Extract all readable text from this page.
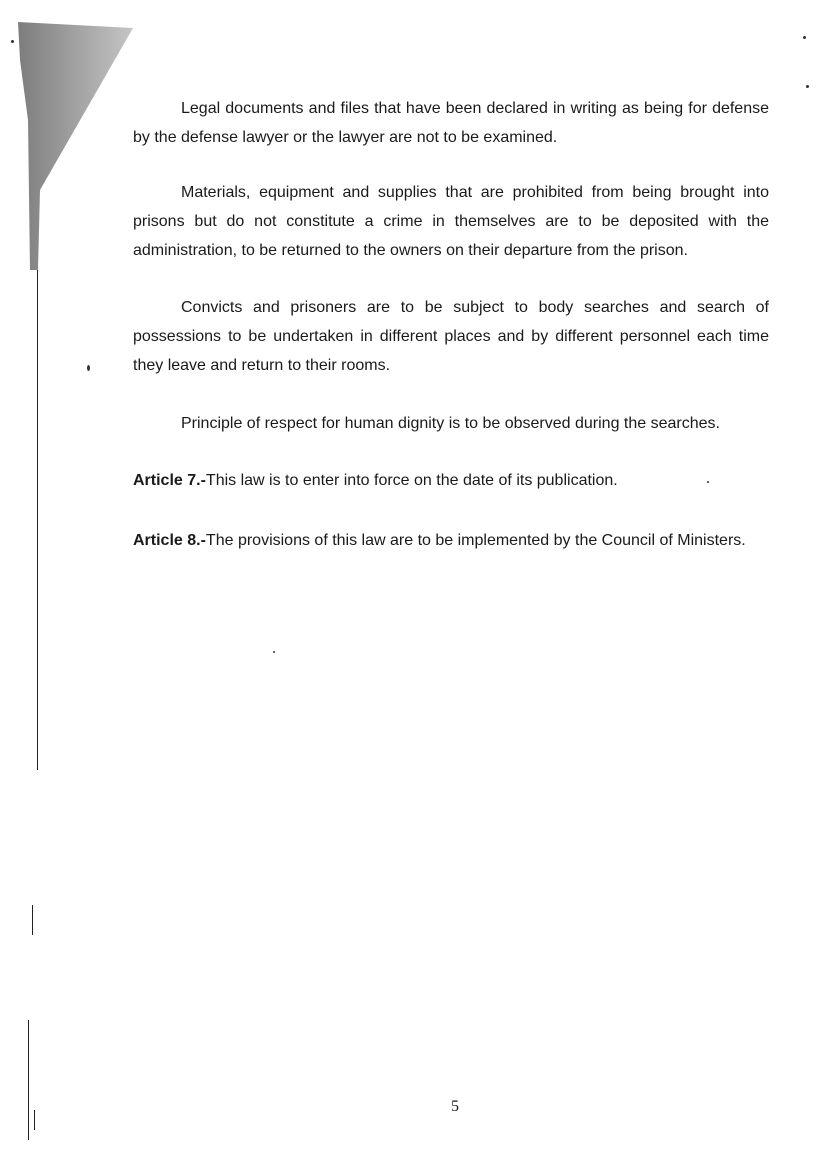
Legal documents and files that have been declared in writing as being for defense by the defense lawyer or the lawyer are not to be examined.

Materials, equipment and supplies that are prohibited from being brought into prisons but do not constitute a crime in themselves are to be deposited with the administration, to be returned to the owners on their departure from the prison.

Convicts and prisoners are to be subject to body searches and search of possessions to be undertaken in different places and by different personnel each time they leave and return to their rooms.

Principle of respect for human dignity is to be observed during the searches.

Article 7.-This law is to enter into force on the date of its publication.

Article 8.-The provisions of this law are to be implemented by the Council of Ministers.

5
